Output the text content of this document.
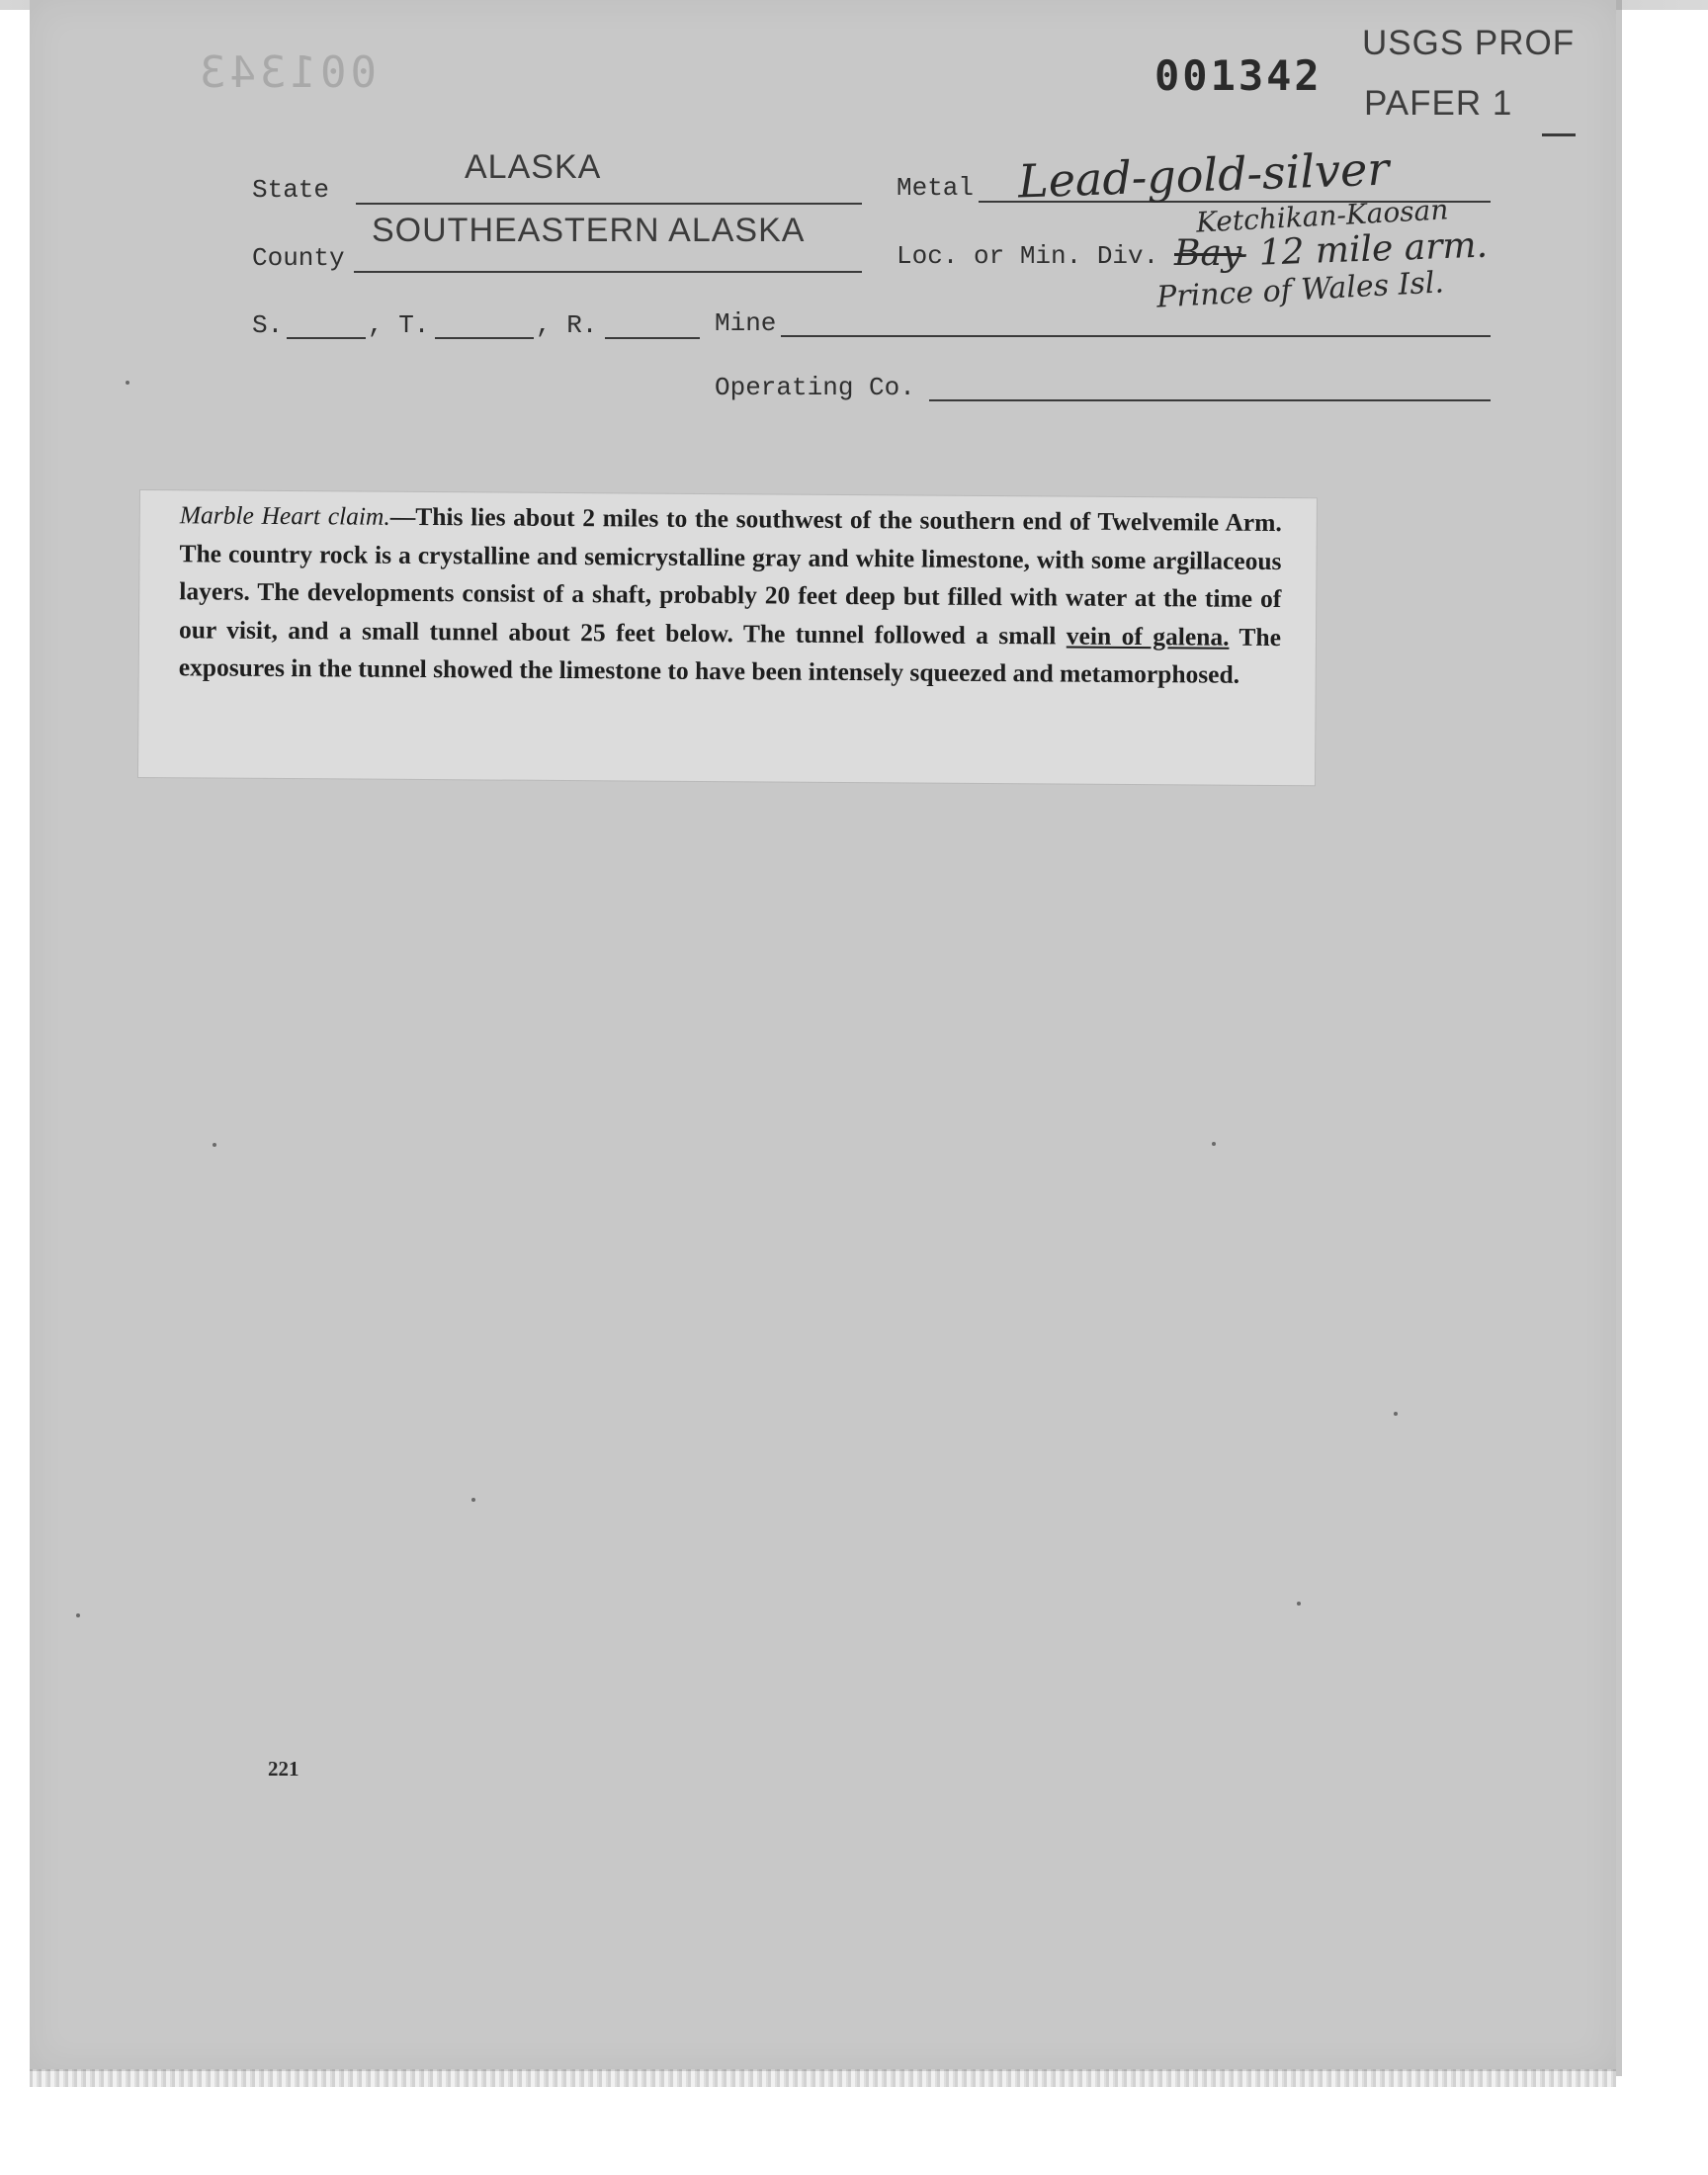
001343	001342
USGS PROF
PAFER 1
State
ALASKA
County
SOUTHEASTERN ALASKA
Metal Lead-gold-silver
Loc. or Min. Div.
Ketchikan-Kaosan
Bay
- 12 mile arm.
Prince of Wales Isl.
S.	, T.	, R.	Mine
Operating Co.
Marble Heart claim.—This lies about 2 miles to the southwest of the southern end of Twelvemile Arm. The country rock is a crystalline and semicrystalline gray and white limestone, with some argillaceous layers. The developments consist of a shaft, probably 20 feet deep but filled with water at the time of our visit, and a small tunnel about 25 feet below. The tunnel followed a small vein of galena. The exposures in the tunnel showed the limestone to have been intensely squeezed and metamorphosed.
221
